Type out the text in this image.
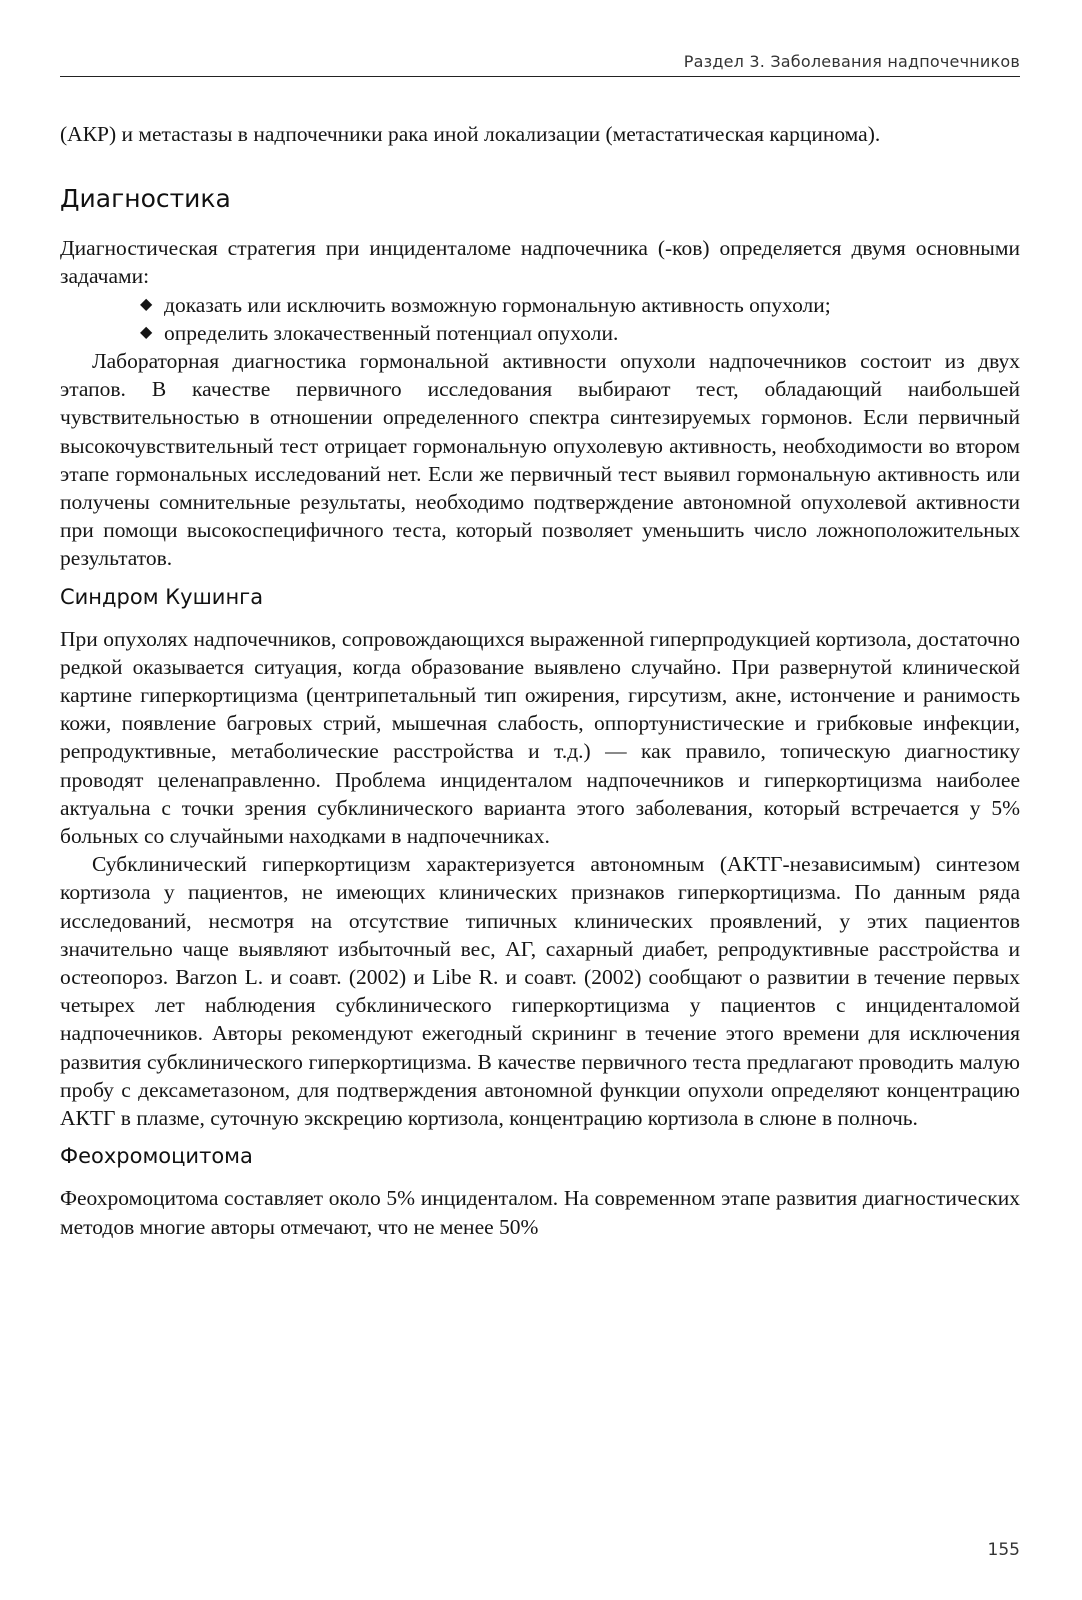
Раздел 3. Заболевания надпочечников

(АКР) и метастазы в надпочечники рака иной локализации (метастатическая карцинома).

Диагностика

Диагностическая стратегия при инциденталоме надпочечника (-ков) определяется двумя основными задачами:

◆ доказать или исключить возможную гормональную активность опухоли;
◆ определить злокачественный потенциал опухоли.

Лабораторная диагностика гормональной активности опухоли надпочечников состоит из двух этапов. В качестве первичного исследования выбирают тест, обладающий наибольшей чувствительностью в отношении определенного спектра синтезируемых гормонов. Если первичный высокочувствительный тест отрицает гормональную опухолевую активность, необходимости во втором этапе гормональных исследований нет. Если же первичный тест выявил гормональную активность или получены сомнительные результаты, необходимо подтверждение автономной опухолевой активности при помощи высокоспецифичного теста, который позволяет уменьшить число ложноположительных результатов.

Синдром Кушинга

При опухолях надпочечников, сопровождающихся выраженной гиперпродукцией кортизола, достаточно редкой оказывается ситуация, когда образование выявлено случайно. При развернутой клинической картине гиперкортицизма (центрипетальный тип ожирения, гирсутизм, акне, истончение и ранимость кожи, появление багровых стрий, мышечная слабость, оппортунистические и грибковые инфекции, репродуктивные, метаболические расстройства и т.д.) — как правило, топическую диагностику проводят целенаправленно. Проблема инциденталом надпочечников и гиперкортицизма наиболее актуальна с точки зрения субклинического варианта этого заболевания, который встречается у 5% больных со случайными находками в надпочечниках.

Субклинический гиперкортицизм характеризуется автономным (АКТГ-независимым) синтезом кортизола у пациентов, не имеющих клинических признаков гиперкортицизма. По данным ряда исследований, несмотря на отсутствие типичных клинических проявлений, у этих пациентов значительно чаще выявляют избыточный вес, АГ, сахарный диабет, репродуктивные расстройства и остеопороз. Barzon L. и соавт. (2002) и Libe R. и соавт. (2002) сообщают о развитии в течение первых четырех лет наблюдения субклинического гиперкортицизма у пациентов с инциденталомой надпочечников. Авторы рекомендуют ежегодный скрининг в течение этого времени для исключения развития субклинического гиперкортицизма. В качестве первичного теста предлагают проводить малую пробу с дексаметазоном, для подтверждения автономной функции опухоли определяют концентрацию АКТГ в плазме, суточную экскрецию кортизола, концентрацию кортизола в слюне в полночь.

Феохромоцитома

Феохромоцитома составляет около 5% инциденталом. На современном этапе развития диагностических методов многие авторы отмечают, что не менее 50%

155
